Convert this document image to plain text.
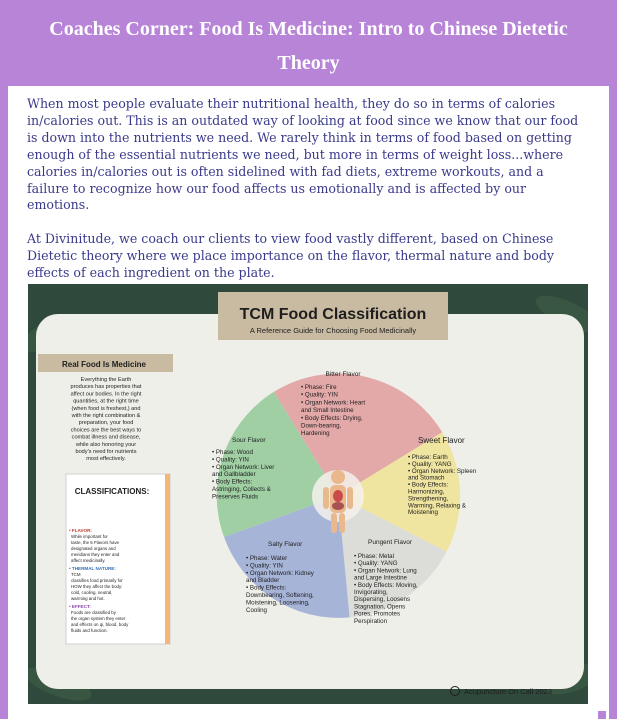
Coaches Corner: Food Is Medicine: Intro to Chinese Dietetic Theory

When most people evaluate their nutritional health, they do so in terms of calories in/calories out. This is an outdated way of looking at food since we know that our food is down into the nutrients we need. We rarely think in terms of food based on getting enough of the essential nutrients we need, but more in terms of weight loss...where calories in/calories out is often sidelined with fad diets, extreme workouts, and a failure to recognize how our food affects us emotionally and is affected by our emotions.

At Divinitude, we coach our clients to view food vastly different, based on Chinese Dietetic theory where we place importance on the flavor, thermal nature and body effects of each ingredient on the plate.

TCM Food Classification
A Reference Guide for Choosing Food Medicinally
Real Food Is Medicine
Everything the Earth
produces has properties that
affect our bodies. In the right
quantities, at the right time
(when food is freshest,) and
with the right combination &
preparation, your food
choices are the best ways to
combat illness and disease,
while also honoring your
body's need for nutrients
most effectively.
CLASSIFICATIONS:
• FLAVOR:
While important for
taste, the 5 Flavors have
designated organs and
meridians they enter and
affect medicinally.
• THERMAL NATURE:
TCM
classifies food primarily for
HOW they affect the body:
cold, cooling, neutral,
warming and hot.
• EFFECT:
Foods are classified by
the organ system they enter
and effects on qi, blood, body
fluids and function.
Bitter Flavor
• Phase: Fire
• Quality: YIN
• Organ Network: Heart
and Small Intestine
• Body Effects: Drying,
Down-bearing,
Hardening
Sweet Flavor
• Phase: Earth
• Quality: YANG
• Organ Network: Spleen
and Stomach
• Body Effects:
Harmonizing,
Strengthening,
Warming, Relaxing &
Moistening
Sour Flavor
• Phase: Wood
• Quality: YIN
• Organ Network: Liver
and Gallbladder
• Body Effects:
Astringing, Collects &
Preserves Fluids
Salty Flavor
• Phase: Water
• Quality: YIN
• Organ Network: Kidney
and Bladder
• Body Effects:
Downbearing, Softening,
Moistening, Loosening,
Cooling
Pungent Flavor
• Phase: Metal
• Quality: YANG
• Organ Network: Lung
and Large Intestine
• Body Effects: Moving,
Invigorating,
Dispersing, Loosens
Stagnation, Opens
Pores, Promotes
Perspiration
Acupuncture On Call 2023
